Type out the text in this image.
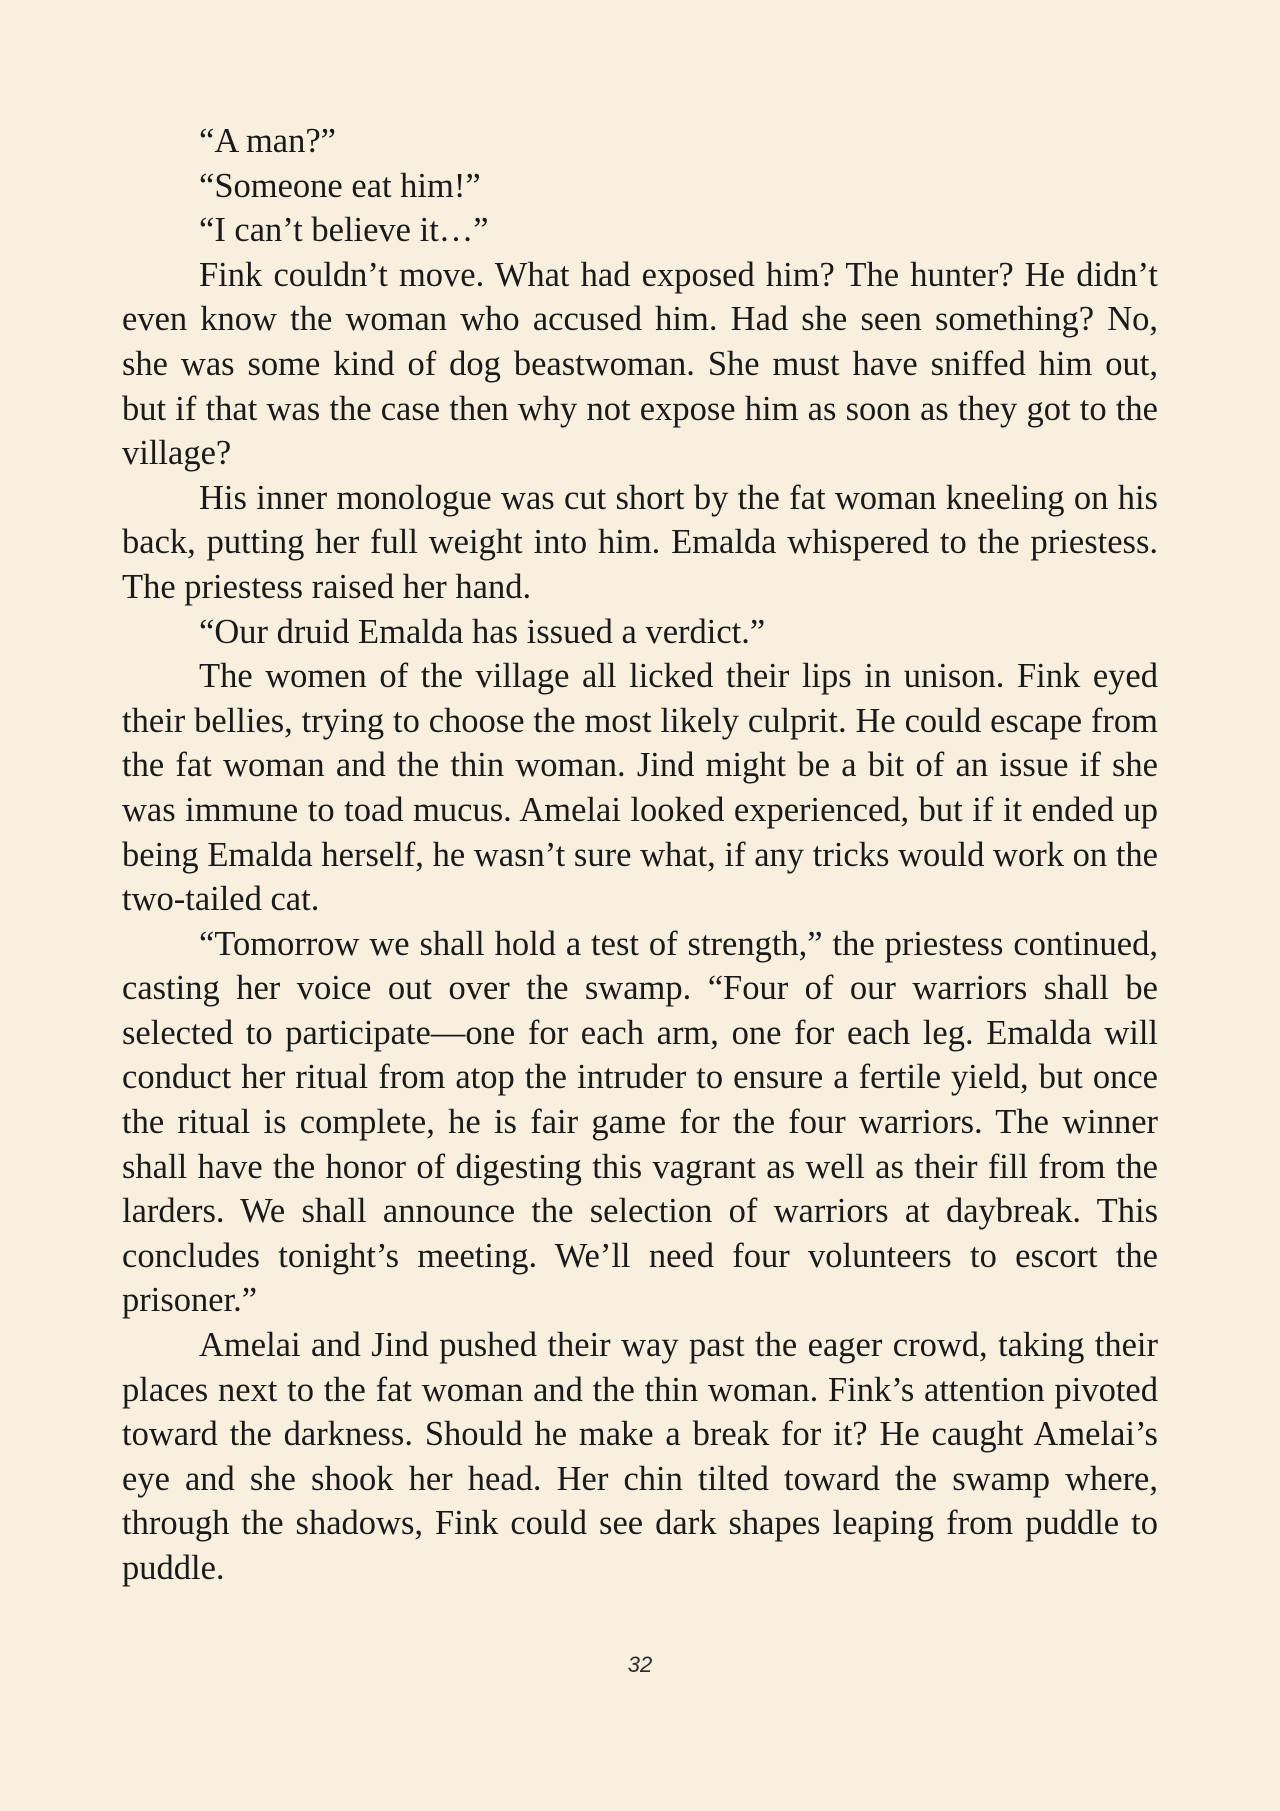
“A man?”

“Someone eat him!”

“I can’t believe it…”

Fink couldn’t move. What had exposed him? The hunter? He didn’t even know the woman who accused him. Had she seen something? No, she was some kind of dog beastwoman. She must have sniffed him out, but if that was the case then why not expose him as soon as they got to the village?

His inner monologue was cut short by the fat woman kneeling on his back, putting her full weight into him. Emalda whispered to the priestess. The priestess raised her hand.

“Our druid Emalda has issued a verdict.”

The women of the village all licked their lips in unison. Fink eyed their bellies, trying to choose the most likely culprit. He could escape from the fat woman and the thin woman. Jind might be a bit of an issue if she was immune to toad mucus. Amelai looked experienced, but if it ended up being Emalda herself, he wasn’t sure what, if any tricks would work on the two-tailed cat.

“Tomorrow we shall hold a test of strength,” the priestess continued, casting her voice out over the swamp. “Four of our warriors shall be selected to participate—one for each arm, one for each leg. Emalda will conduct her ritual from atop the intruder to ensure a fertile yield, but once the ritual is complete, he is fair game for the four warriors. The winner shall have the honor of digesting this vagrant as well as their fill from the larders. We shall announce the selection of warriors at daybreak. This concludes tonight’s meeting. We’ll need four volunteers to escort the prisoner.”

Amelai and Jind pushed their way past the eager crowd, taking their places next to the fat woman and the thin woman. Fink’s attention pivoted toward the darkness. Should he make a break for it? He caught Amelai’s eye and she shook her head. Her chin tilted toward the swamp where, through the shadows, Fink could see dark shapes leaping from puddle to puddle.

32
